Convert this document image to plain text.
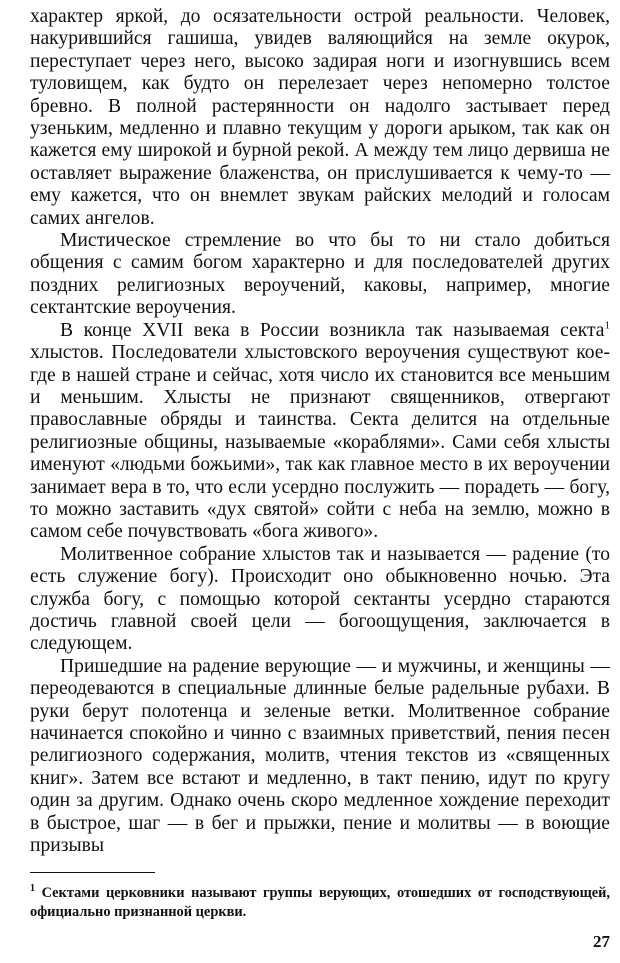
характер яркой, до осязательности острой реальности. Человек, накурившийся гашиша, увидев валяющийся на земле окурок, переступает через него, высоко задирая ноги и изогнувшись всем туловищем, как будто он перелезает через непомерно толстое бревно. В полной растерянности он надолго застывает перед узеньким, медленно и плавно текущим у дороги арыком, так как он кажется ему широкой и бурной рекой. А между тем лицо дервиша не оставляет выражение блаженства, он прислушивается к чему-то — ему кажется, что он внемлет звукам райских мелодий и голосам самих ангелов.

Мистическое стремление во что бы то ни стало добиться общения с самим богом характерно и для последователей других поздних религиозных вероучений, каковы, например, многие сектантские вероучения.

В конце XVII века в России возникла так называемая секта$^1$ хлыстов. Последователи хлыстовского вероучения существуют кое-где в нашей стране и сейчас, хотя число их становится все меньшим и меньшим. Хлысты не признают священников, отвергают православные обряды и таинства. Секта делится на отдельные религиозные общины, называемые «кораблями». Сами себя хлысты именуют «людьми божьими», так как главное место в их вероучении занимает вера в то, что если усердно послужить — порадеть — богу, то можно заставить «дух святой» сойти с неба на землю, можно в самом себе почувствовать «бога живого».

Молитвенное собрание хлыстов так и называется — радение (то есть служение богу). Происходит оно обыкновенно ночью. Эта служба богу, с помощью которой сектанты усердно стараются достичь главной своей цели — богоощущения, заключается в следующем.

Пришедшие на радение верующие — и мужчины, и женщины — переодеваются в специальные длинные белые радельные рубахи. В руки берут полотенца и зеленые ветки. Молитвенное собрание начинается спокойно и чинно с взаимных приветствий, пения песен религиозного содержания, молитв, чтения текстов из «священных книг». Затем все встают и медленно, в такт пению, идут по кругу один за другим. Однако очень скоро медленное хождение переходит в быстрое, шаг — в бег и прыжки, пение и молитвы — в воющие призывы

$^1$ Сектами церковники называют группы верующих, отошедших от господствующей, официально признанной церкви.
27
